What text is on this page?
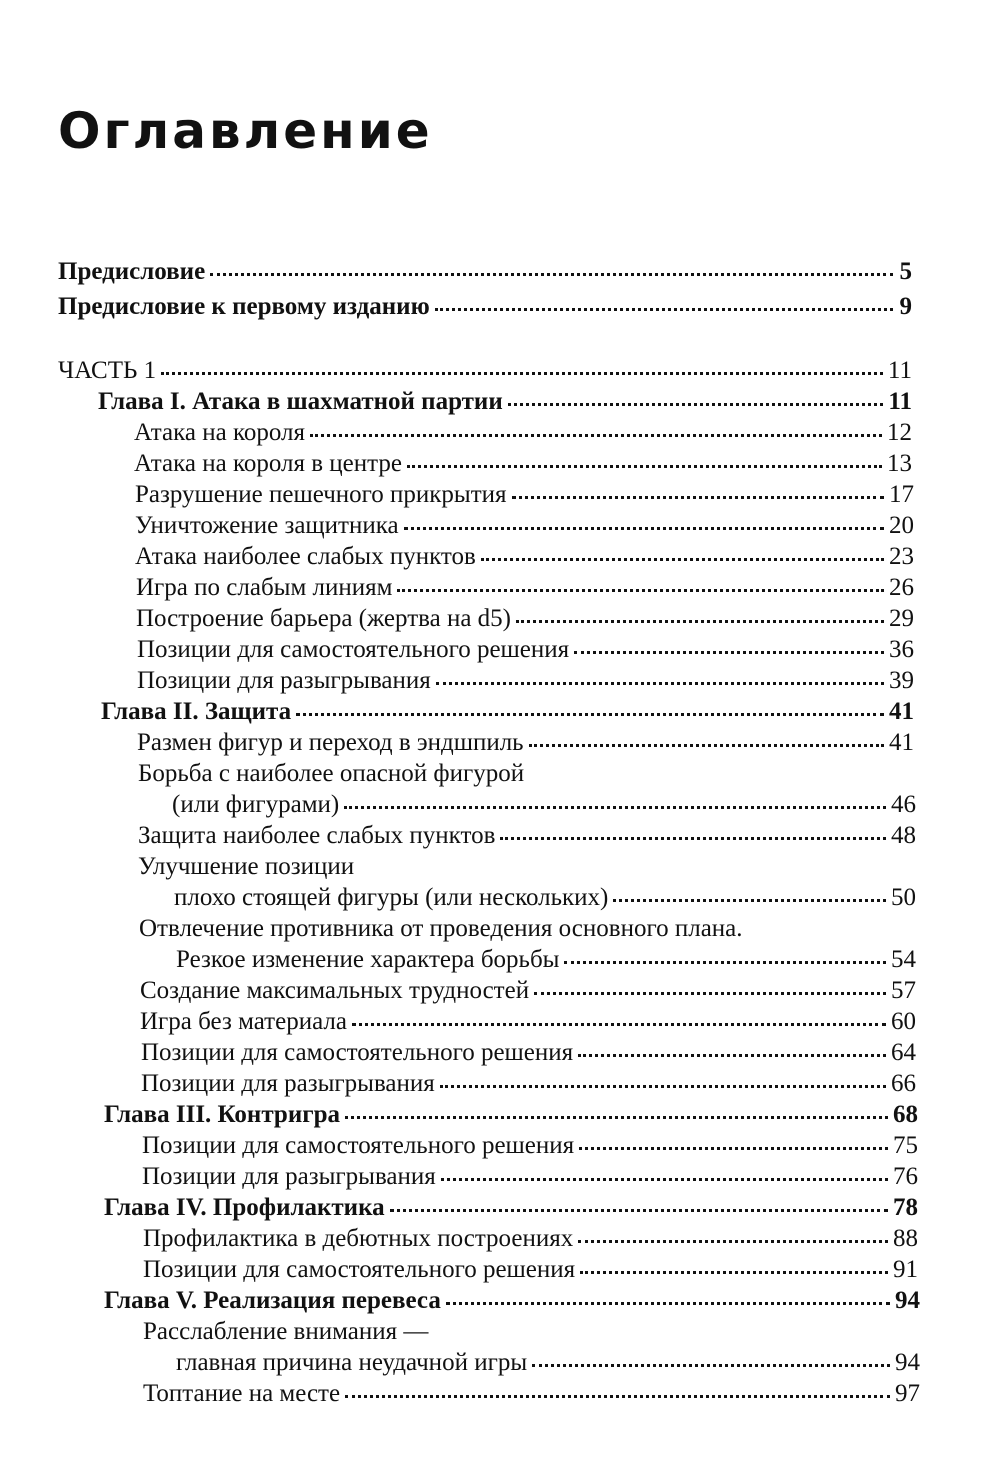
Оглавление
Предисловие	5
Предисловие к первому изданию	9
ЧАСТЬ 1	11
Глава I. Атака в шахматной партии	11
Атака на короля	12
Атака на короля в центре	13
Разрушение пешечного прикрытия	17
Уничтожение защитника	20
Атака наиболее слабых пунктов	23
Игра по слабым линиям	26
Построение барьера (жертва на d5)	29
Позиции для самостоятельного решения	36
Позиции для разыгрывания	39
Глава II. Защита	41
Размен фигур и переход в эндшпиль	41
Борьба с наиболее опасной фигурой
(или фигурами)	46
Защита наиболее слабых пунктов	48
Улучшение позиции
плохо стоящей фигуры (или нескольких)	50
Отвлечение противника от проведения основного плана.
Резкое изменение характера борьбы	54
Создание максимальных трудностей	57
Игра без материала	60
Позиции для самостоятельного решения	64
Позиции для разыгрывания	66
Глава III. Контригра	68
Позиции для самостоятельного решения	75
Позиции для разыгрывания	76
Глава IV. Профилактика	78
Профилактика в дебютных построениях	88
Позиции для самостоятельного решения	91
Глава V. Реализация перевеса	94
Расслабление внимания —
главная причина неудачной игры	94
Топтание на месте	97
